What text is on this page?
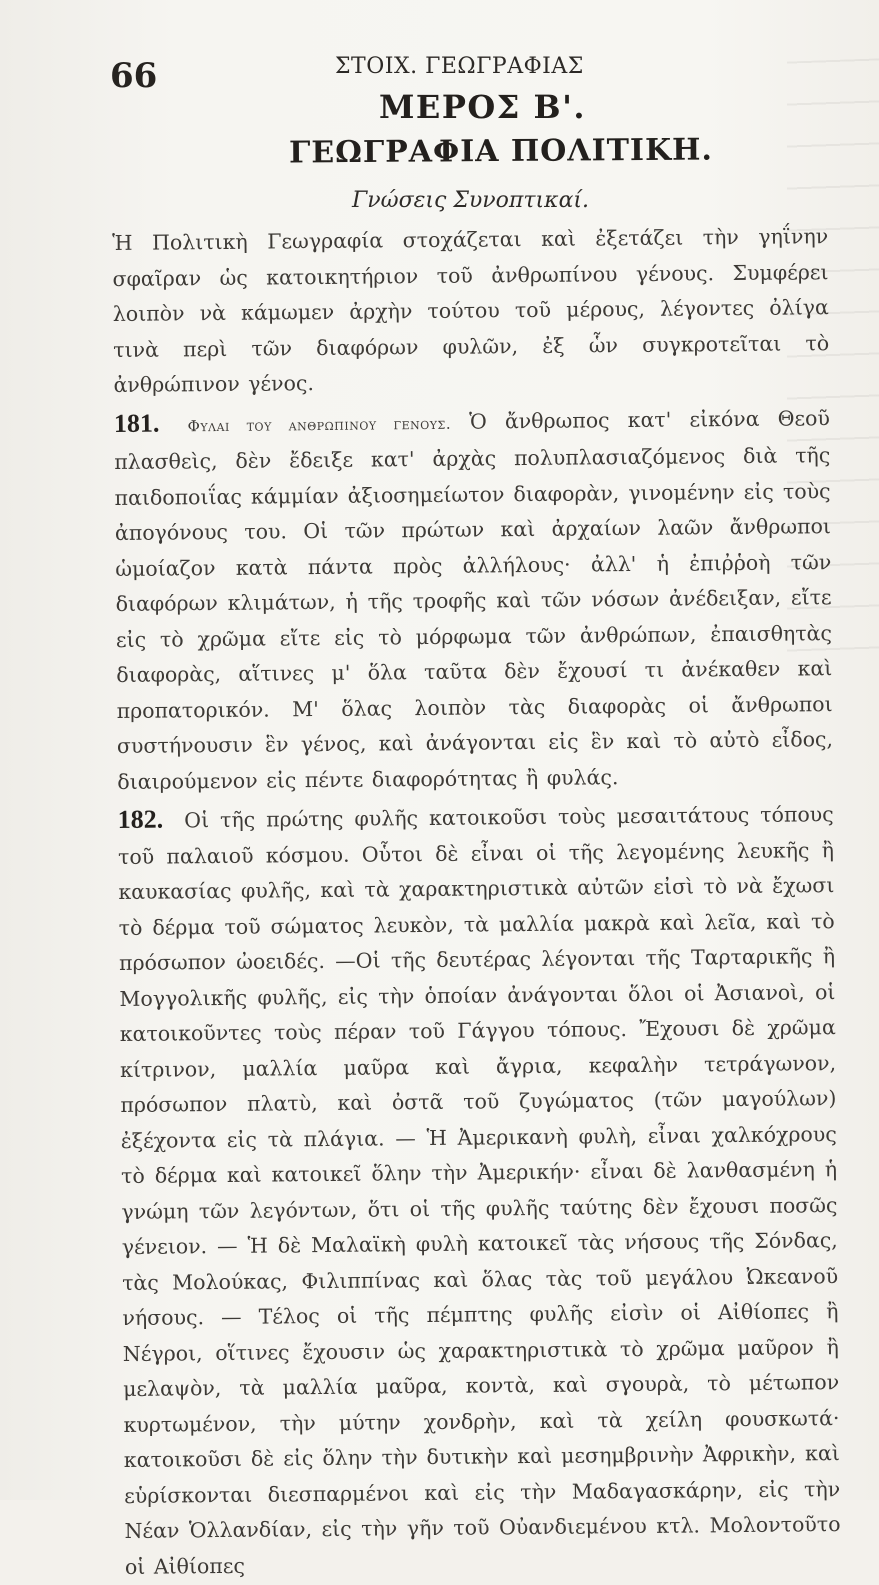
66	ΣΤΟΙΧ. ΓΕΩΓΡΑΦΙΑΣ
ΜΕΡΟΣ Β'.
ΓΕΩΓΡΑΦΙΑ ΠΟΛΙΤΙΚΗ.
Γνώσεις Συνοπτικαί.

Ἡ Πολιτικὴ Γεωγραφία στοχάζεται καὶ ἐξετάζει τὴν γηΐνην σφαῖραν ὡς κατοικητήριον τοῦ ἀνθρωπίνου γένους. Συμφέρει λοιπὸν νὰ κάμωμεν ἀρχὴν τούτου τοῦ μέρους, λέγοντες ὀλίγα τινὰ περὶ τῶν διαφόρων φυλῶν, ἐξ ὧν συγκροτεῖται τὸ ἀνθρώπινον γένος.

181. Φυλαι του ανθρωπινου γενους. Ὁ ἄνθρωπος κατ' εἰκόνα Θεοῦ πλασθεὶς, δὲν ἔδειξε κατ' ἀρχὰς πολυπλασιαζόμενος διὰ τῆς παιδοποιΐας κάμμίαν ἀξιοσημείωτον διαφορὰν, γινομένην εἰς τοὺς ἀπογόνους του. Οἱ τῶν πρώτων καὶ ἀρχαίων λαῶν ἄνθρωποι ὡμοίαζον κατὰ πάντα πρὸς ἀλλήλους· ἀλλ' ἡ ἐπιῤῥοὴ τῶν διαφόρων κλιμάτων, ἡ τῆς τροφῆς καὶ τῶν νόσων ἀνέδειξαν, εἴτε εἰς τὸ χρῶμα εἴτε εἰς τὸ μόρφωμα τῶν ἀνθρώπων, ἐπαισθητὰς διαφορὰς, αἵτινες μ' ὅλα ταῦτα δὲν ἔχουσί τι ἀνέκαθεν καὶ προπατορικόν. Μ' ὅλας λοιπὸν τὰς διαφορὰς οἱ ἄνθρωποι συστήνουσιν ἓν γένος, καὶ ἀνάγονται εἰς ἓν καὶ τὸ αὐτὸ εἶδος, διαιρούμενον εἰς πέντε διαφορότητας ἢ φυλάς.

182. Οἱ τῆς πρώτης φυλῆς κατοικοῦσι τοὺς μεσαιτάτους τόπους τοῦ παλαιοῦ κόσμου. Οὗτοι δὲ εἶναι οἱ τῆς λεγομένης λευκῆς ἢ καυκασίας φυλῆς, καὶ τὰ χαρακτηριστικὰ αὐτῶν εἰσὶ τὸ νὰ ἔχωσι τὸ δέρμα τοῦ σώματος λευκὸν, τὰ μαλλία μακρὰ καὶ λεῖα, καὶ τὸ πρόσωπον ὠοειδές. —Οἱ τῆς δευτέρας λέγονται τῆς Ταρταρικῆς ἢ Μογγολικῆς φυλῆς, εἰς τὴν ὁποίαν ἀνάγονται ὅλοι οἱ Ἀσιανοὶ, οἱ κατοικοῦντες τοὺς πέραν τοῦ Γάγγου τόπους. Ἔχουσι δὲ χρῶμα κίτρινον, μαλλία μαῦρα καὶ ἄγρια, κεφαλὴν τετράγωνον, πρόσωπον πλατὺ, καὶ ὀστᾶ τοῦ ζυγώματος (τῶν μαγούλων) ἐξέχοντα εἰς τὰ πλάγια. — Ἡ Ἀμερικανὴ φυλὴ, εἶναι χαλκόχρους τὸ δέρμα καὶ κατοικεῖ ὅλην τὴν Ἀμερικήν· εἶναι δὲ λανθασμένη ἡ γνώμη τῶν λεγόντων, ὅτι οἱ τῆς φυλῆς ταύτης δὲν ἔχουσι ποσῶς γένειον. — Ἡ δὲ Μαλαϊκὴ φυλὴ κατοικεῖ τὰς νήσους τῆς Σόνδας, τὰς Μολούκας, Φιλιππίνας καὶ ὅλας τὰς τοῦ μεγάλου Ὠκεανοῦ νήσους. — Τέλος οἱ τῆς πέμπτης φυλῆς εἰσὶν οἱ Αἰθίοπες ἢ Νέγροι, οἵτινες ἔχουσιν ὡς χαρακτηριστικὰ τὸ χρῶμα μαῦρον ἢ μελαψὸν, τὰ μαλλία μαῦρα, κοντὰ, καὶ σγουρὰ, τὸ μέτωπον κυρτωμένον, τὴν μύτην χονδρὴν, καὶ τὰ χείλη φουσκωτά· κατοικοῦσι δὲ εἰς ὅλην τὴν δυτικὴν καὶ μεσημβρινὴν Ἀφρικὴν, καὶ εὑρίσκονται διεσπαρμένοι καὶ εἰς τὴν Μαδαγασκάρην, εἰς τὴν Νέαν Ὁλλανδίαν, εἰς τὴν γῆν τοῦ Οὐανδιεμένου κτλ. Μολοντοῦτο οἱ Αἰθίοπες
